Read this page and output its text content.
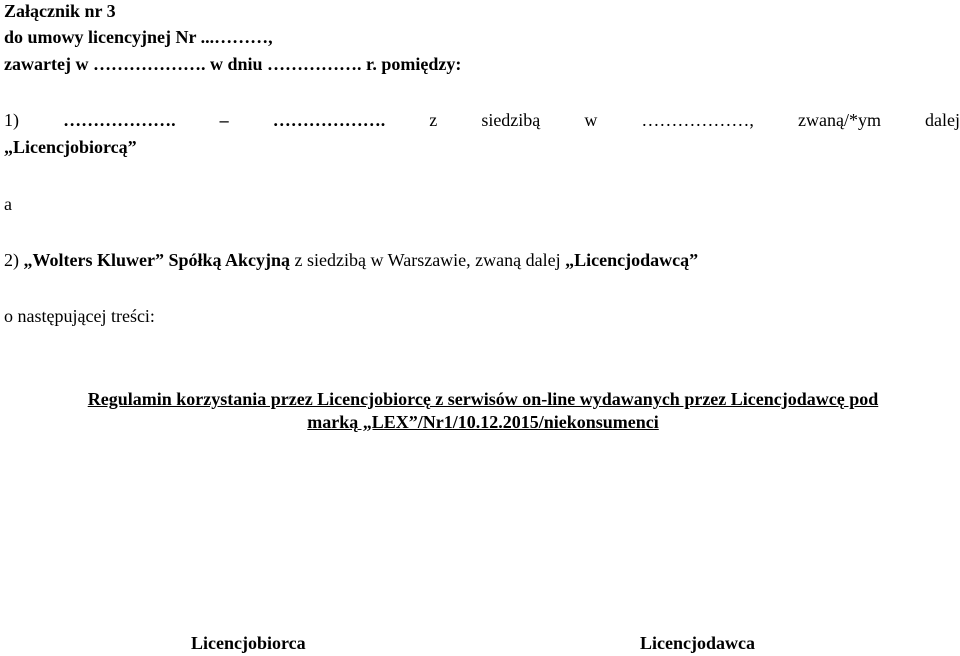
Załącznik nr 3
do umowy licencyjnej Nr ...………,
zawartej w ………………. w dniu ……………. r. pomiędzy:
1) ………………. – ………………. z siedzibą w ………………, zwaną/*ym dalej
„Licencjobiorcą”
a
2) „Wolters Kluwer” Spółką Akcyjną z siedzibą w Warszawie, zwaną dalej „Licencjodawcą”
o następującej treści:
Regulamin korzystania przez Licencjobiorcę z serwisów on-line wydawanych przez Licencjodawcę pod
marką „LEX”/Nr1/10.12.2015/niekonsumenci
Licencjobiorca	Licencjodawca
